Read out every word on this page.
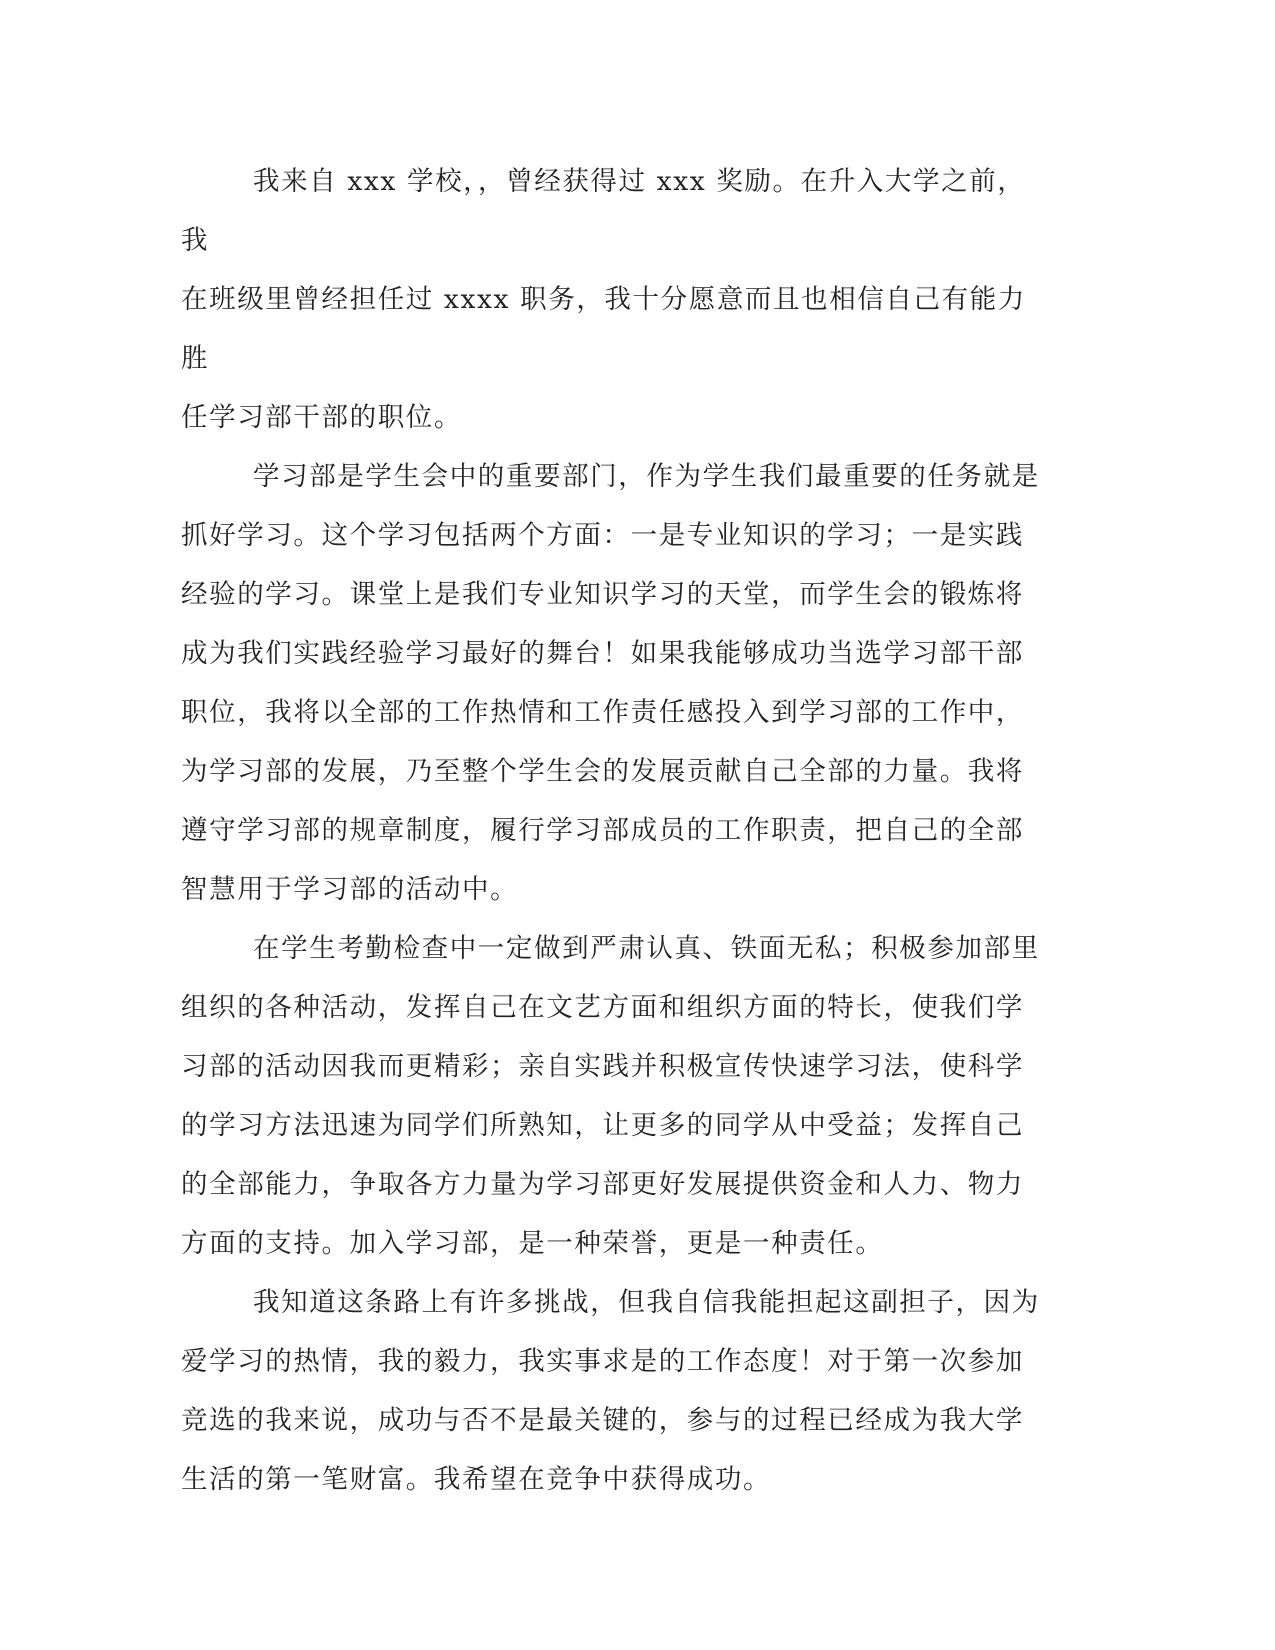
我来自 xxx 学校，，曾经获得过 xxx 奖励。在升入大学之前，我
在班级里曾经担任过 xxxx 职务，我十分愿意而且也相信自己有能力胜
任学习部干部的职位。

学习部是学生会中的重要部门，作为学生我们最重要的任务就是
抓好学习。这个学习包括两个方面：一是专业知识的学习；一是实践
经验的学习。课堂上是我们专业知识学习的天堂，而学生会的锻炼将
成为我们实践经验学习最好的舞台！如果我能够成功当选学习部干部
职位，我将以全部的工作热情和工作责任感投入到学习部的工作中，
为学习部的发展，乃至整个学生会的发展贡献自己全部的力量。我将
遵守学习部的规章制度，履行学习部成员的工作职责，把自己的全部
智慧用于学习部的活动中。

在学生考勤检查中一定做到严肃认真、铁面无私；积极参加部里
组织的各种活动，发挥自己在文艺方面和组织方面的特长，使我们学
习部的活动因我而更精彩；亲自实践并积极宣传快速学习法，使科学
的学习方法迅速为同学们所熟知，让更多的同学从中受益；发挥自己
的全部能力，争取各方力量为学习部更好发展提供资金和人力、物力
方面的支持。加入学习部，是一种荣誉，更是一种责任。

我知道这条路上有许多挑战，但我自信我能担起这副担子，因为
爱学习的热情，我的毅力，我实事求是的工作态度！对于第一次参加
竞选的我来说，成功与否不是最关键的，参与的过程已经成为我大学
生活的第一笔财富。我希望在竞争中获得成功。
